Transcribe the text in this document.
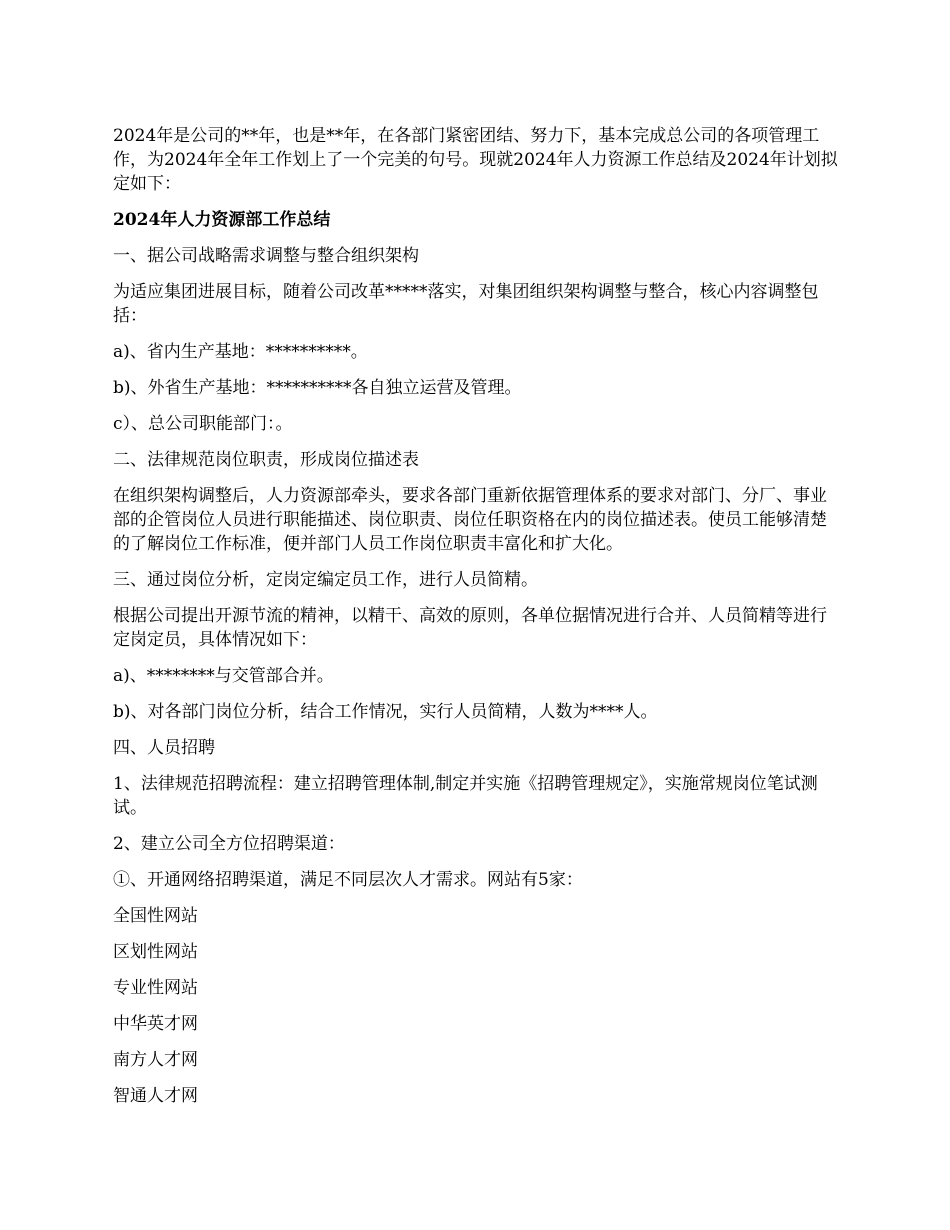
2024年是公司的**年，也是**年，在各部门紧密团结、努力下，基本完成总公司的各项管理工作，为2024年全年工作划上了一个完美的句号。现就2024年人力资源工作总结及2024年计划拟定如下：

2024年人力资源部工作总结

一、据公司战略需求调整与整合组织架构

为适应集团进展目标，随着公司改革*****落实，对集团组织架构调整与整合，核心内容调整包括：

a)、省内生产基地：**********。

b)、外省生产基地：**********各自独立运营及管理。

c）、总公司职能部门：。

二、法律规范岗位职责，形成岗位描述表

在组织架构调整后，人力资源部牵头，要求各部门重新依据管理体系的要求对部门、分厂、事业部的企管岗位人员进行职能描述、岗位职责、岗位任职资格在内的岗位描述表。使员工能够清楚的了解岗位工作标准，便并部门人员工作岗位职责丰富化和扩大化。

三、通过岗位分析，定岗定编定员工作，进行人员简精。

根据公司提出开源节流的精神，以精干、高效的原则，各单位据情况进行合并、人员简精等进行定岗定员，具体情况如下：

a)、********与交管部合并。

b)、对各部门岗位分析，结合工作情况，实行人员简精，人数为****人。

四、人员招聘

1、法律规范招聘流程：建立招聘管理体制,制定并实施《招聘管理规定》，实施常规岗位笔试测试。

2、建立公司全方位招聘渠道：

①、开通网络招聘渠道，满足不同层次人才需求。网站有5家：

全国性网站

区划性网站

专业性网站

中华英才网

南方人才网

智通人才网
